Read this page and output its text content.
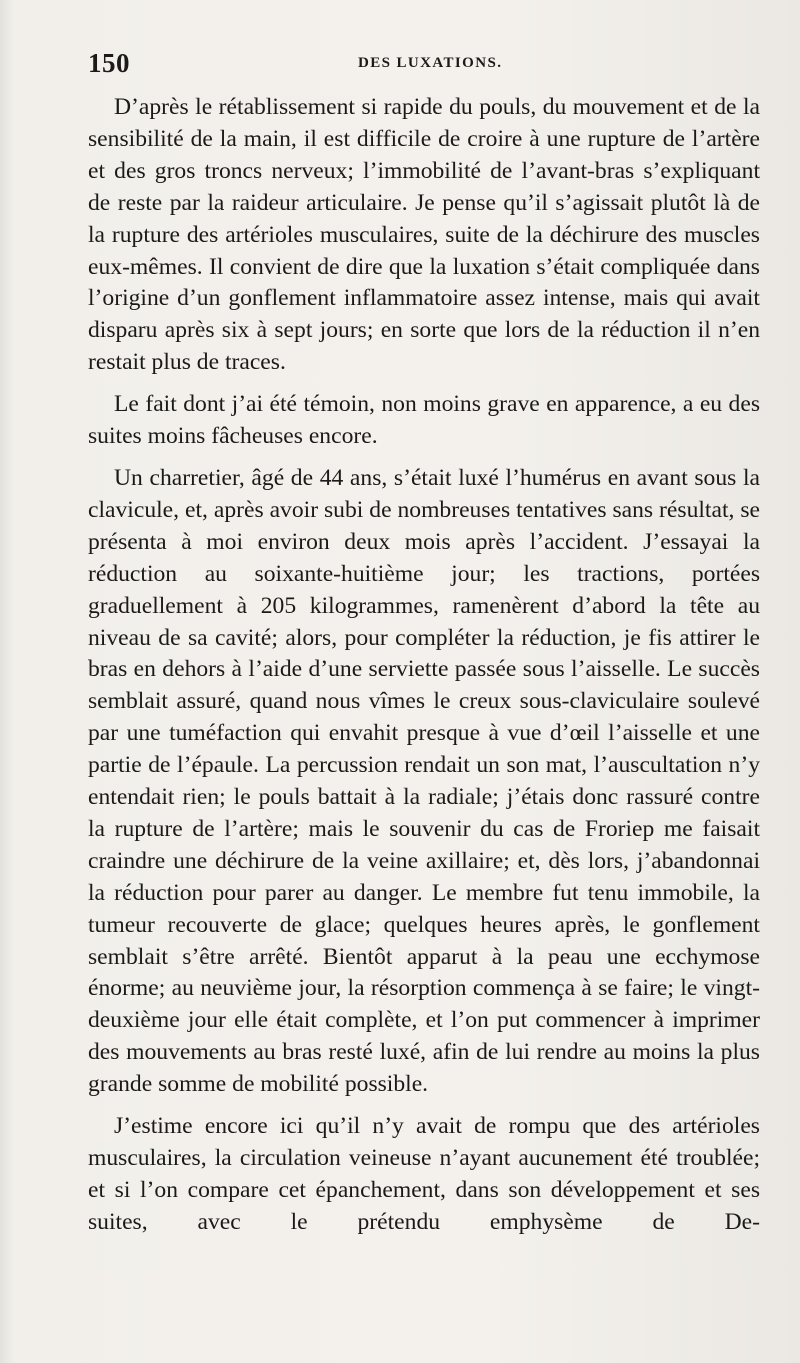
150	DES LUXATIONS.

D’après le rétablissement si rapide du pouls, du mouvement et de la sensibilité de la main, il est difficile de croire à une rupture de l’artère et des gros troncs nerveux; l’immobilité de l’avant-bras s’expliquant de reste par la raideur articulaire. Je pense qu’il s’agissait plutôt là de la rupture des artérioles musculaires, suite de la déchirure des muscles eux-mêmes. Il convient de dire que la luxation s’était compliquée dans l’origine d’un gonflement inflammatoire assez intense, mais qui avait disparu après six à sept jours; en sorte que lors de la réduction il n’en restait plus de traces.

Le fait dont j’ai été témoin, non moins grave en apparence, a eu des suites moins fâcheuses encore.

Un charretier, âgé de 44 ans, s’était luxé l’humérus en avant sous la clavicule, et, après avoir subi de nombreuses tentatives sans résultat, se présenta à moi environ deux mois après l’accident. J’essayai la réduction au soixante-huitième jour; les tractions, portées graduellement à 205 kilogrammes, ramenèrent d’abord la tête au niveau de sa cavité; alors, pour compléter la réduction, je fis attirer le bras en dehors à l’aide d’une serviette passée sous l’aisselle. Le succès semblait assuré, quand nous vîmes le creux sous-claviculaire soulevé par une tuméfaction qui envahit presque à vue d’œil l’aisselle et une partie de l’épaule. La percussion rendait un son mat, l’auscultation n’y entendait rien; le pouls battait à la radiale; j’étais donc rassuré contre la rupture de l’artère; mais le souvenir du cas de Froriep me faisait craindre une déchirure de la veine axillaire; et, dès lors, j’abandonnai la réduction pour parer au danger. Le membre fut tenu immobile, la tumeur recouverte de glace; quelques heures après, le gonflement semblait s’être arrêté. Bientôt apparut à la peau une ecchymose énorme; au neuvième jour, la résorption commença à se faire; le vingt-deuxième jour elle était complète, et l’on put commencer à imprimer des mouvements au bras resté luxé, afin de lui rendre au moins la plus grande somme de mobilité possible.

J’estime encore ici qu’il n’y avait de rompu que des artérioles musculaires, la circulation veineuse n’ayant aucunement été troublée; et si l’on compare cet épanchement, dans son développement et ses suites, avec le prétendu emphysème de De-
